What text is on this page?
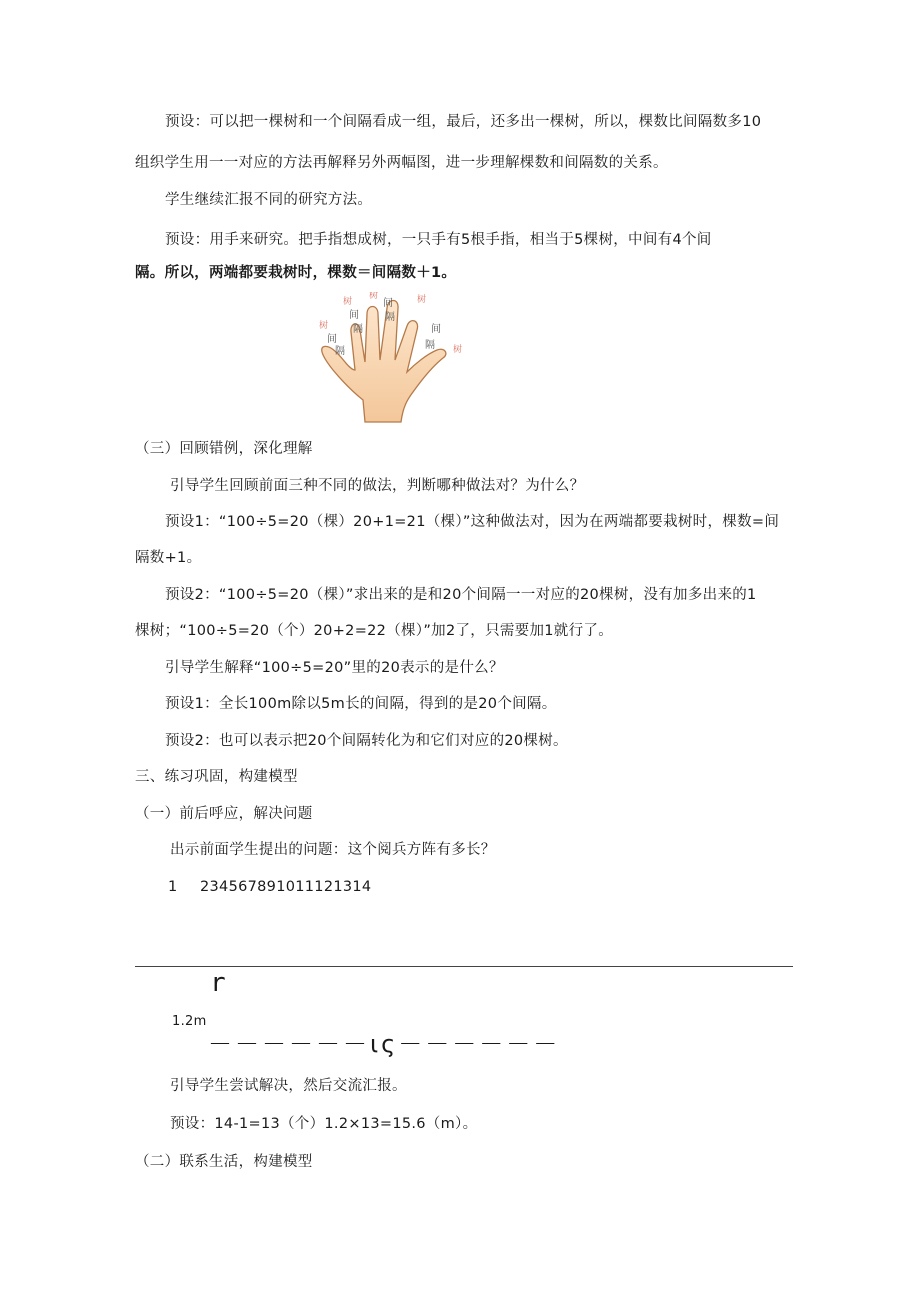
预设：可以把一棵树和一个间隔看成一组，最后，还多出一棵树，所以，棵数比间隔数多10
组织学生用一一对应的方法再解释另外两幅图，进一步理解棵数和间隔数的关系。
学生继续汇报不同的研究方法。
预设：用手来研究。把手指想成树，一只手有5根手指，相当于5棵树，中间有4个间
隔。所以，两端都要栽树时，棵数＝间隔数＋1。
树
树
树	树
树
间
隔
间
隔
间
隔
间
隔
（三）回顾错例，深化理解
引导学生回顾前面三种不同的做法，判断哪种做法对？为什么？
预设1：“100÷5=20（棵）20+1=21（棵）”这种做法对，因为在两端都要栽树时，棵数=间
隔数+1。
预设2：“100÷5=20（棵）”求出来的是和20个间隔一一对应的20棵树，没有加多出来的1
棵树；“100÷5=20（个）20+2=22（棵）”加2了，只需要加1就行了。
引导学生解释“100÷5=20”里的20表示的是什么？
预设1：全长100m除以5m长的间隔，得到的是20个间隔。
预设2：也可以表示把20个间隔转化为和它们对应的20棵树。
三、练习巩固，构建模型
（一）前后呼应，解决问题
出示前面学生提出的问题：这个阅兵方阵有多长？
1 234567891011121314
r
1.2m
－－－－－－ις－－－－－－
引导学生尝试解决，然后交流汇报。
预设：14-1=13（个）1.2×13=15.6（m）。
（二）联系生活，构建模型
